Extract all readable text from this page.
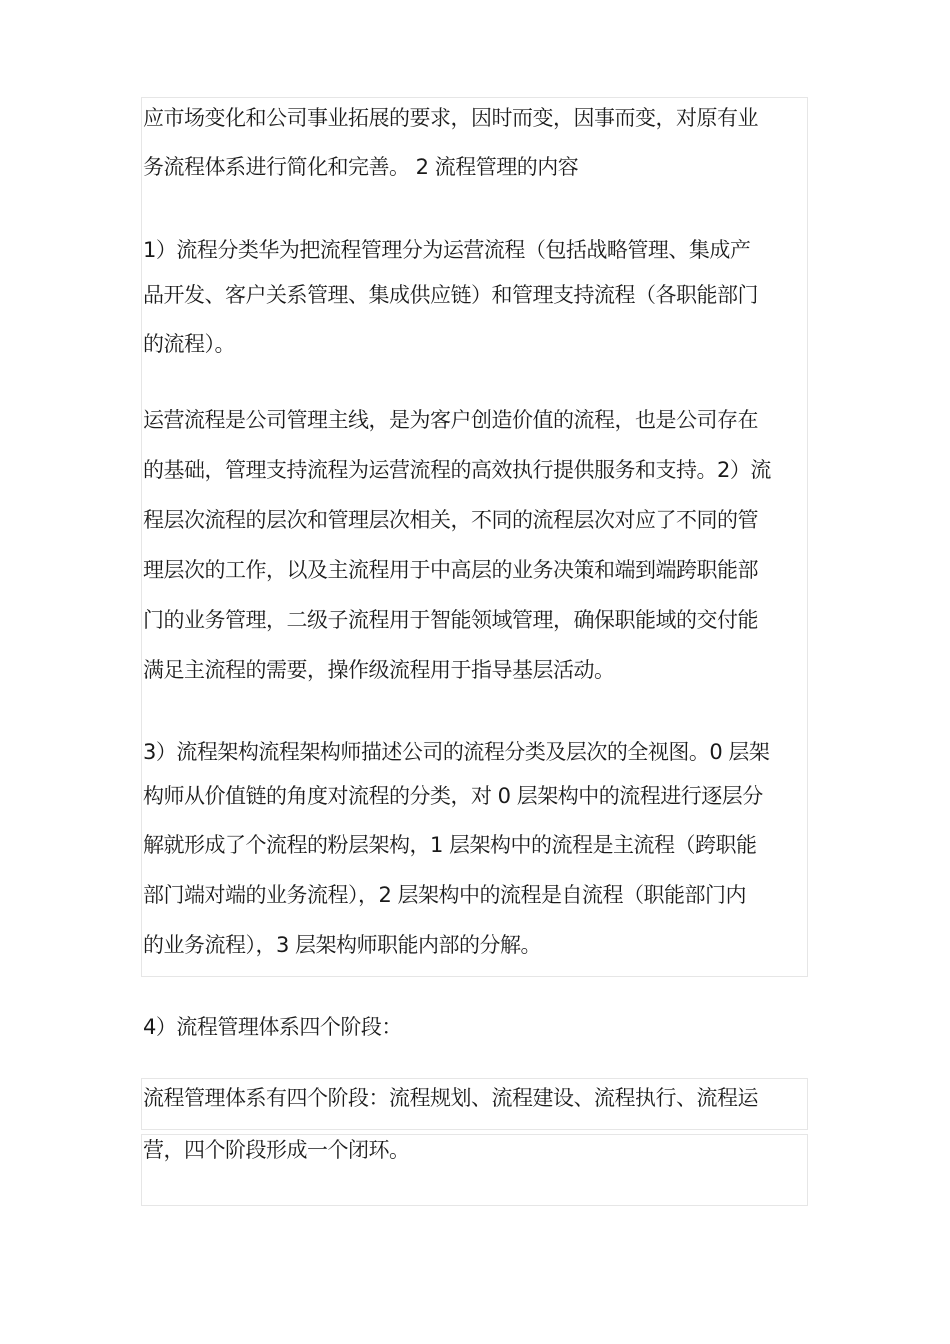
应市场变化和公司事业拓展的要求，因时而变，因事而变，对原有业

务流程体系进行简化和完善。 2 流程管理的内容

1）流程分类华为把流程管理分为运营流程（包括战略管理、集成产

品开发、客户关系管理、集成供应链）和管理支持流程（各职能部门

的流程）。

运营流程是公司管理主线，是为客户创造价值的流程，也是公司存在

的基础，管理支持流程为运营流程的高效执行提供服务和支持。2）流

程层次流程的层次和管理层次相关，不同的流程层次对应了不同的管

理层次的工作，以及主流程用于中高层的业务决策和端到端跨职能部

门的业务管理，二级子流程用于智能领域管理，确保职能域的交付能

满足主流程的需要，操作级流程用于指导基层活动。

3）流程架构流程架构师描述公司的流程分类及层次的全视图。0 层架

构师从价值链的角度对流程的分类，对 0 层架构中的流程进行逐层分

解就形成了个流程的粉层架构，1 层架构中的流程是主流程（跨职能

部门端对端的业务流程），2 层架构中的流程是自流程（职能部门内

的业务流程），3 层架构师职能内部的分解。

4）流程管理体系四个阶段：

流程管理体系有四个阶段：流程规划、流程建设、流程执行、流程运

营，四个阶段形成一个闭环。
